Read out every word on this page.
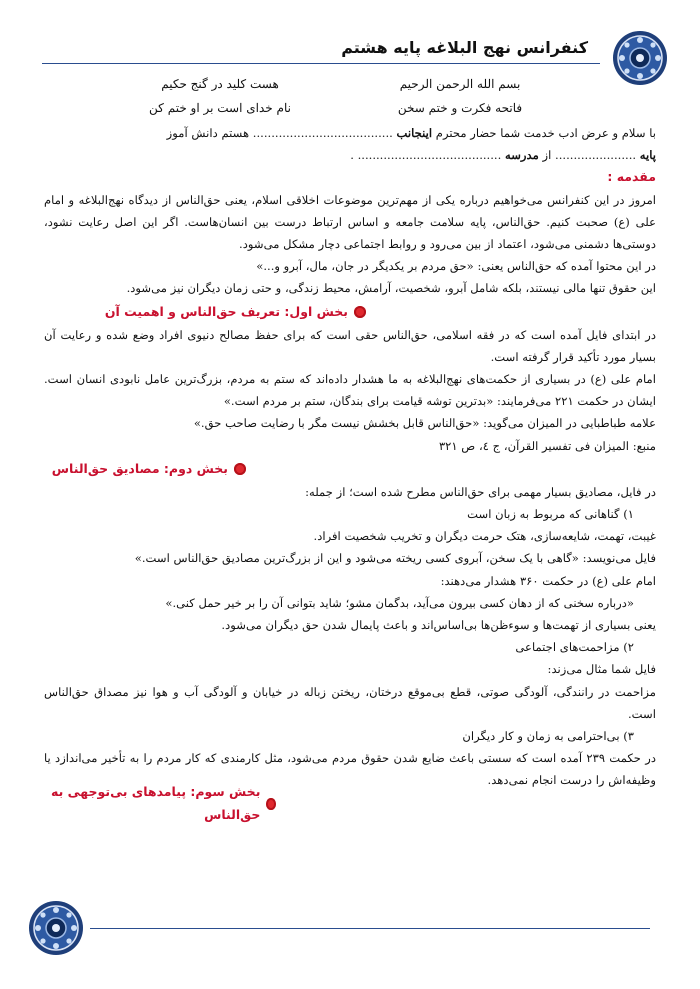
کنفرانس نهج البلاغه پایه هشتم
بسم الله الرحمن الرحیم
هست کلید در گنج حکیم
فاتحه فکرت و ختم سخن
نام خدای است بر او ختم کن

با سلام و عرض ادب خدمت شما حضار محترم اینجانب ...................................... هستم دانش آموز

پایه ...................... از مدرسه ....................................... .

مقدمه :

امروز در این کنفرانس می‌خواهیم درباره یکی از مهم‌ترین موضوعات اخلاقی اسلام، یعنی حق‌الناس از دیدگاه نهج‌البلاغه و امام علی (ع) صحبت کنیم. حق‌الناس، پایه سلامت جامعه و اساس ارتباط درست بین انسان‌هاست. اگر این اصل رعایت نشود، دوستی‌ها دشمنی می‌شود، اعتماد از بین می‌رود و روابط اجتماعی دچار مشکل می‌شود.

در این محتوا آمده که حق‌الناس یعنی: «حق مردم بر یکدیگر در جان، مال، آبرو و...»

این حقوق تنها مالی نیستند، بلکه شامل آبرو، شخصیت، آرامش، محیط زندگی، و حتی زمان دیگران نیز می‌شود.

بخش اول: تعریف حق‌الناس و اهمیت آن

در ابتدای فایل آمده است که در فقه اسلامی، حق‌الناس حقی است که برای حفظ مصالح دنیوی افراد وضع شده و رعایت آن بسیار مورد تأکید قرار گرفته است.

امام علی (ع) در بسیاری از حکمت‌های نهج‌البلاغه به ما هشدار داده‌اند که ستم به مردم، بزرگ‌ترین عامل نابودی انسان است. ایشان در حکمت ۲۲۱ می‌فرمایند: «بدترین توشه قیامت برای بندگان، ستم بر مردم است.»

علامه طباطبایی در المیزان می‌گوید: «حق‌الناس قابل بخشش نیست مگر با رضایت صاحب حق.»

منبع: المیزان فی تفسیر القرآن، ج ٤، ص ۳۲۱

بخش دوم: مصادیق حق‌الناس

در فایل، مصادیق بسیار مهمی برای حق‌الناس مطرح شده است؛ از جمله:

۱) گناهانی که مربوط به زبان است

غیبت، تهمت، شایعه‌سازی، هتک حرمت دیگران و تخریب شخصیت افراد.

فایل می‌نویسد: «گاهی با یک سخن، آبروی کسی ریخته می‌شود و این از بزرگ‌ترین مصادیق حق‌الناس است.»

امام علی (ع) در حکمت ۳۶۰ هشدار می‌دهند:

«درباره سخنی که از دهان کسی بیرون می‌آید، بدگمان مشو؛ شاید بتوانی آن را بر خیر حمل کنی.»

یعنی بسیاری از تهمت‌ها و سوءظن‌ها بی‌اساس‌اند و باعث پایمال شدن حق دیگران می‌شود.

۲) مزاحمت‌های اجتماعی

فایل شما مثال می‌زند:

مزاحمت در رانندگی، آلودگی صوتی، قطع بی‌موقع درختان، ریختن زباله در خیابان و آلودگی آب و هوا نیز مصداق حق‌الناس است.

۳) بی‌احترامی به زمان و کار دیگران

در حکمت ۲۳۹ آمده است که سستی باعث ضایع شدن حقوق مردم می‌شود، مثل کارمندی که کار مردم را به تأخیر می‌اندازد یا وظیفه‌اش را درست انجام نمی‌دهد.

بخش سوم: پیامدهای بی‌توجهی به حق‌الناس
